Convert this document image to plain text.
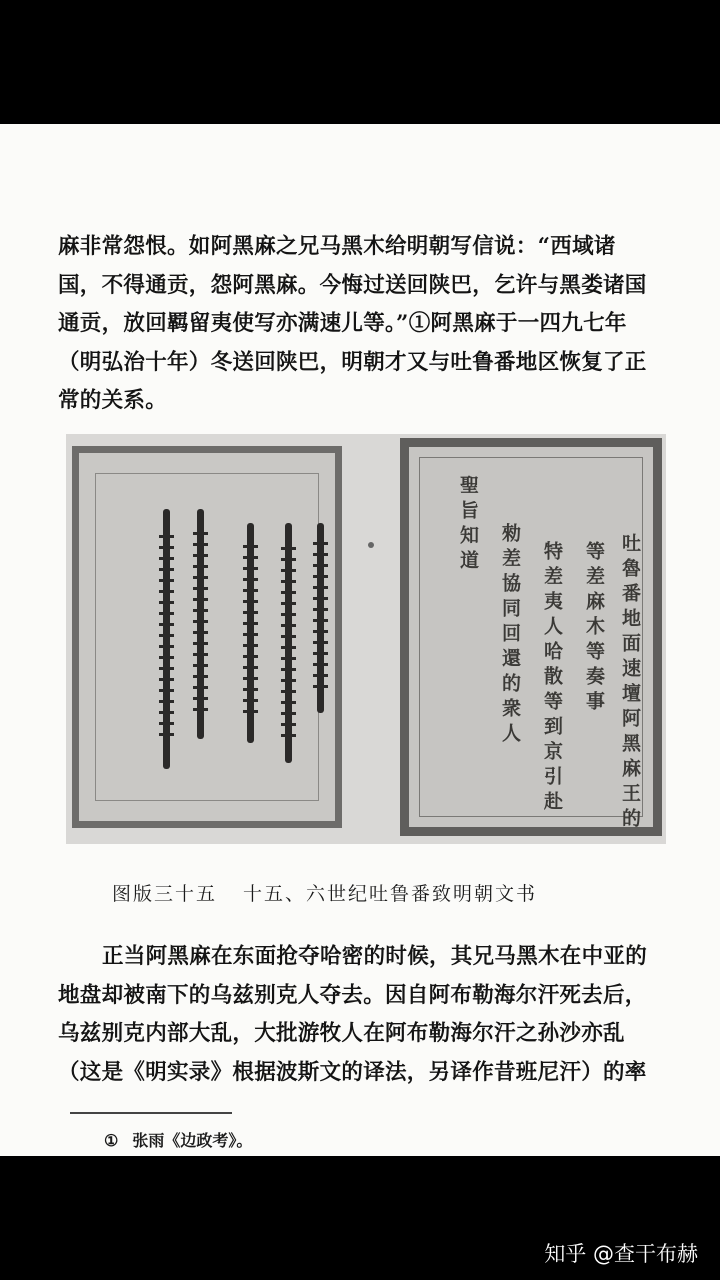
麻非常怨恨。如阿黑麻之兄马黑木给明朝写信说：“西域诸
国，不得通贡，怨阿黑麻。今悔过送回陕巴，乞许与黑娄诸国
通贡，放回羁留夷使写亦满速儿等。”①阿黑麻于一四九七年
（明弘治十年）冬送回陕巴，明朝才又与吐鲁番地区恢复了正
常的关系。
聖旨知道 勑差協同回還的衆人 特差夷人哈散等到京引赴 等差麻木等奏事 吐魯番地面速壇阿黑麻王的
图版三十五 十五、六世纪吐鲁番致明朝文书
正当阿黑麻在东面抢夺哈密的时候，其兄马黑木在中亚的
地盘却被南下的乌兹别克人夺去。因自阿布勒海尔汗死去后，
乌兹别克内部大乱，大批游牧人在阿布勒海尔汗之孙沙亦乱
（这是《明实录》根据波斯文的译法，另译作昔班尼汗）的率
① 张雨《边政考》。
知乎 @查干布赫
